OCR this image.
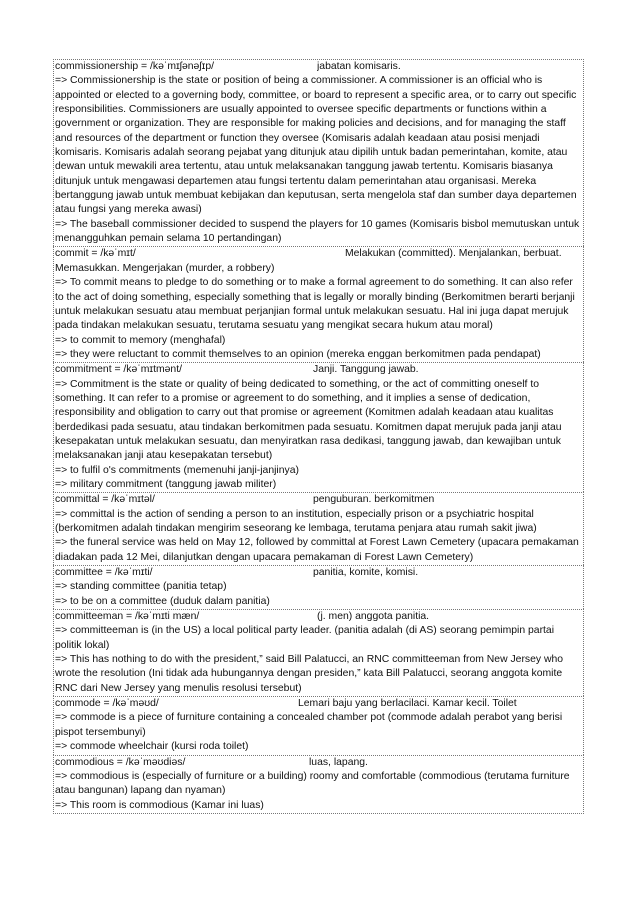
commissionership = /kəˈmɪʃənəʃɪp/	jabatan komisaris.

=> Commissionership is the state or position of being a commissioner. A commissioner is an official who is appointed or elected to a governing body, committee, or board to represent a specific area, or to carry out specific responsibilities. Commissioners are usually appointed to oversee specific departments or functions within a government or organization. They are responsible for making policies and decisions, and for managing the staff and resources of the department or function they oversee (Komisaris adalah keadaan atau posisi menjadi komisaris. Komisaris adalah seorang pejabat yang ditunjuk atau dipilih untuk badan pemerintahan, komite, atau dewan untuk mewakili area tertentu, atau untuk melaksanakan tanggung jawab tertentu. Komisaris biasanya ditunjuk untuk mengawasi departemen atau fungsi tertentu dalam pemerintahan atau organisasi. Mereka bertanggung jawab untuk membuat kebijakan dan keputusan, serta mengelola staf dan sumber daya departemen atau fungsi yang mereka awasi)

=> The baseball commissioner decided to suspend the players for 10 games (Komisaris bisbol memutuskan untuk menangguhkan pemain selama 10 pertandingan)

commit = /kəˈmɪt/	Melakukan (committed). Menjalankan, berbuat. Memasukkan. Mengerjakan (murder, a robbery)

=> To commit means to pledge to do something or to make a formal agreement to do something. It can also refer to the act of doing something, especially something that is legally or morally binding (Berkomitmen berarti berjanji untuk melakukan sesuatu atau membuat perjanjian formal untuk melakukan sesuatu. Hal ini juga dapat merujuk pada tindakan melakukan sesuatu, terutama sesuatu yang mengikat secara hukum atau moral)

=> to commit to memory (menghafal)

=> they were reluctant to commit themselves to an opinion (mereka enggan berkomitmen pada pendapat)

commitment = /kəˈmɪtmənt/	Janji. Tanggung jawab.

=> Commitment is the state or quality of being dedicated to something, or the act of committing oneself to something. It can refer to a promise or agreement to do something, and it implies a sense of dedication, responsibility and obligation to carry out that promise or agreement (Komitmen adalah keadaan atau kualitas berdedikasi pada sesuatu, atau tindakan berkomitmen pada sesuatu. Komitmen dapat merujuk pada janji atau kesepakatan untuk melakukan sesuatu, dan menyiratkan rasa dedikasi, tanggung jawab, dan kewajiban untuk melaksanakan janji atau kesepakatan tersebut)

=> to fulfil o's commitments (memenuhi janji-janjinya)

=> military commitment (tanggung jawab militer)

committal = /kəˈmɪtəl/	penguburan. berkomitmen

=> committal is the action of sending a person to an institution, especially prison or a psychiatric hospital (berkomitmen adalah tindakan mengirim seseorang ke lembaga, terutama penjara atau rumah sakit jiwa)

=> the funeral service was held on May 12, followed by committal at Forest Lawn Cemetery (upacara pemakaman diadakan pada 12 Mei, dilanjutkan dengan upacara pemakaman di Forest Lawn Cemetery)

committee = /kəˈmɪti/	panitia, komite, komisi.

=> standing committee (panitia tetap)

=> to be on a committee (duduk dalam panitia)

committeeman = /kəˈmɪti mæn/	(j. men) anggota panitia.

=> committeeman is (in the US) a local political party leader. (panitia adalah (di AS) seorang pemimpin partai politik lokal)

=> This has nothing to do with the president,” said Bill Palatucci, an RNC committeeman from New Jersey who wrote the resolution (Ini tidak ada hubungannya dengan presiden,” kata Bill Palatucci, seorang anggota komite RNC dari New Jersey yang menulis resolusi tersebut)

commode = /kəˈməʊd/	Lemari baju yang berlacilaci. Kamar kecil. Toilet

=> commode is a piece of furniture containing a concealed chamber pot (commode adalah perabot yang berisi pispot tersembunyi)

=> commode wheelchair (kursi roda toilet)

commodious = /kəˈməʊdiəs/	luas, lapang.

=> commodious is (especially of furniture or a building) roomy and comfortable (commodious (terutama furniture atau bangunan) lapang dan nyaman)

=> This room is commodious (Kamar ini luas)
